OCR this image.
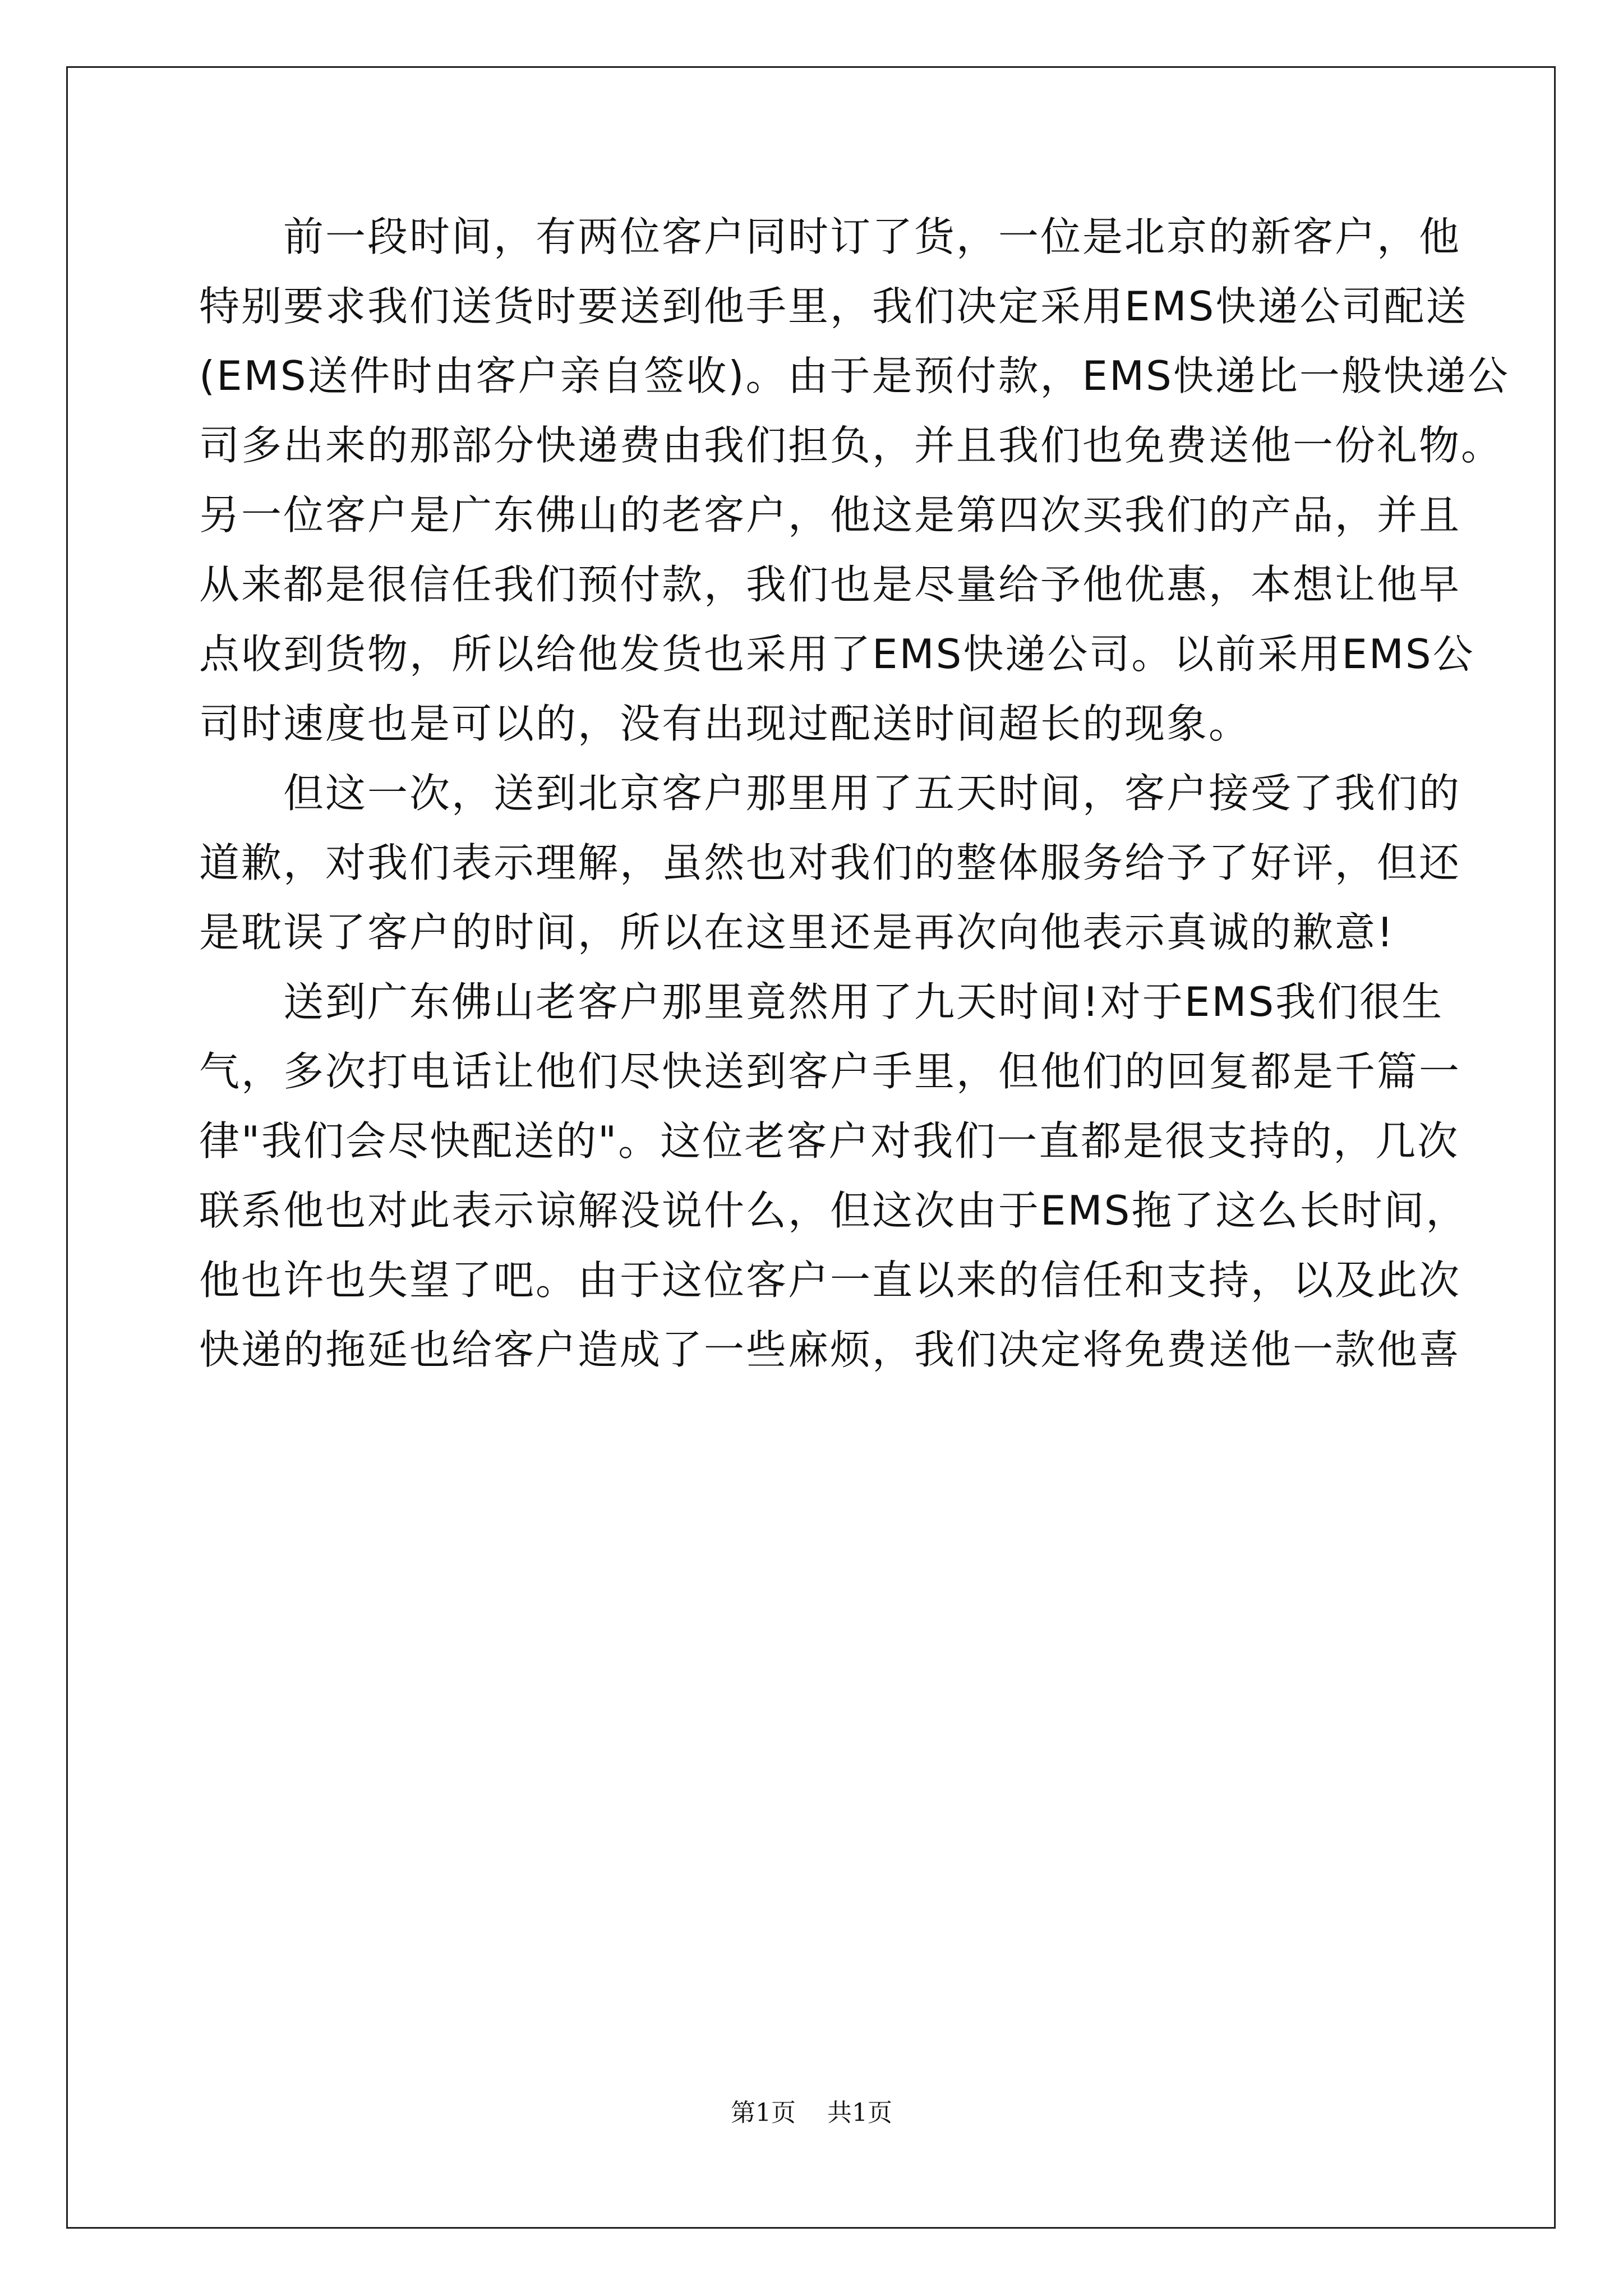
　　前一段时间，有两位客户同时订了货，一位是北京的新客户，他
特别要求我们送货时要送到他手里，我们决定采用EMS快递公司配送
(EMS送件时由客户亲自签收)。由于是预付款，EMS快递比一般快递公
司多出来的那部分快递费由我们担负，并且我们也免费送他一份礼物。
另一位客户是广东佛山的老客户，他这是第四次买我们的产品，并且
从来都是很信任我们预付款，我们也是尽量给予他优惠，本想让他早
点收到货物，所以给他发货也采用了EMS快递公司。以前采用EMS公
司时速度也是可以的，没有出现过配送时间超长的现象。
　　但这一次，送到北京客户那里用了五天时间，客户接受了我们的
道歉，对我们表示理解，虽然也对我们的整体服务给予了好评，但还
是耽误了客户的时间，所以在这里还是再次向他表示真诚的歉意!
　　送到广东佛山老客户那里竟然用了九天时间!对于EMS我们很生
气，多次打电话让他们尽快送到客户手里，但他们的回复都是千篇一
律"我们会尽快配送的"。这位老客户对我们一直都是很支持的，几次
联系他也对此表示谅解没说什么，但这次由于EMS拖了这么长时间，
他也许也失望了吧。由于这位客户一直以来的信任和支持，以及此次
快递的拖延也给客户造成了一些麻烦，我们决定将免费送他一款他喜
第1页 共1页
